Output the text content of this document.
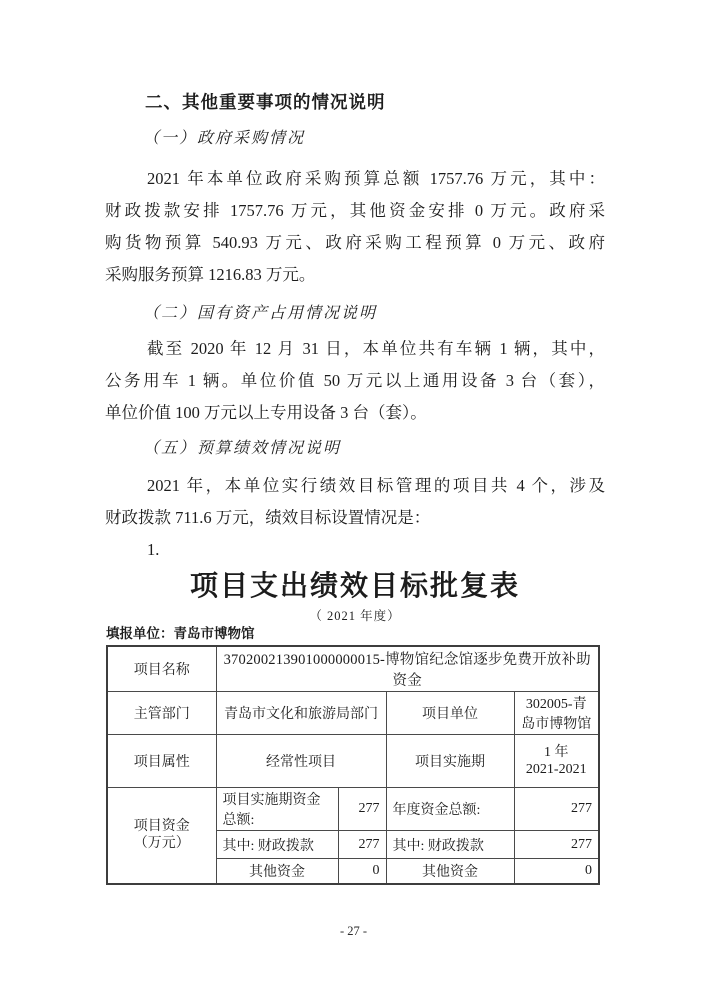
二、其他重要事项的情况说明
（一）政府采购情况
2021 年本单位政府采购预算总额 1757.76 万元，其中：
财政拨款安排 1757.76 万元，其他资金安排 0 万元。政府采
购货物预算 540.93 万元、政府采购工程预算 0 万元、政府
采购服务预算 1216.83 万元。
（二）国有资产占用情况说明
截至 2020 年 12 月 31 日，本单位共有车辆 1 辆，其中，
公务用车 1 辆。单位价值 50 万元以上通用设备 3 台（套），
单位价值 100 万元以上专用设备 3 台（套）。
（五）预算绩效情况说明
2021 年，本单位实行绩效目标管理的项目共 4 个，涉及
财政拨款 711.6 万元，绩效目标设置情况是：
1.
项目支出绩效目标批复表
（ 2021 年度）
填报单位：青岛市博物馆
项目名称	370200213901000000015-博物馆纪念馆逐步免费开放补助资金			
主管部门	青岛市文化和旅游局部门		项目单位	302005-青岛市博物馆
项目属性	经常性项目		项目实施期	1 年
2021-2021

项目资金
（万元）	项目实施期资金总额:	277	年度资金总额:	277
	其中: 财政拨款	277	其中: 财政拨款	277
	其他资金	0	其他资金	0
- 27 -
